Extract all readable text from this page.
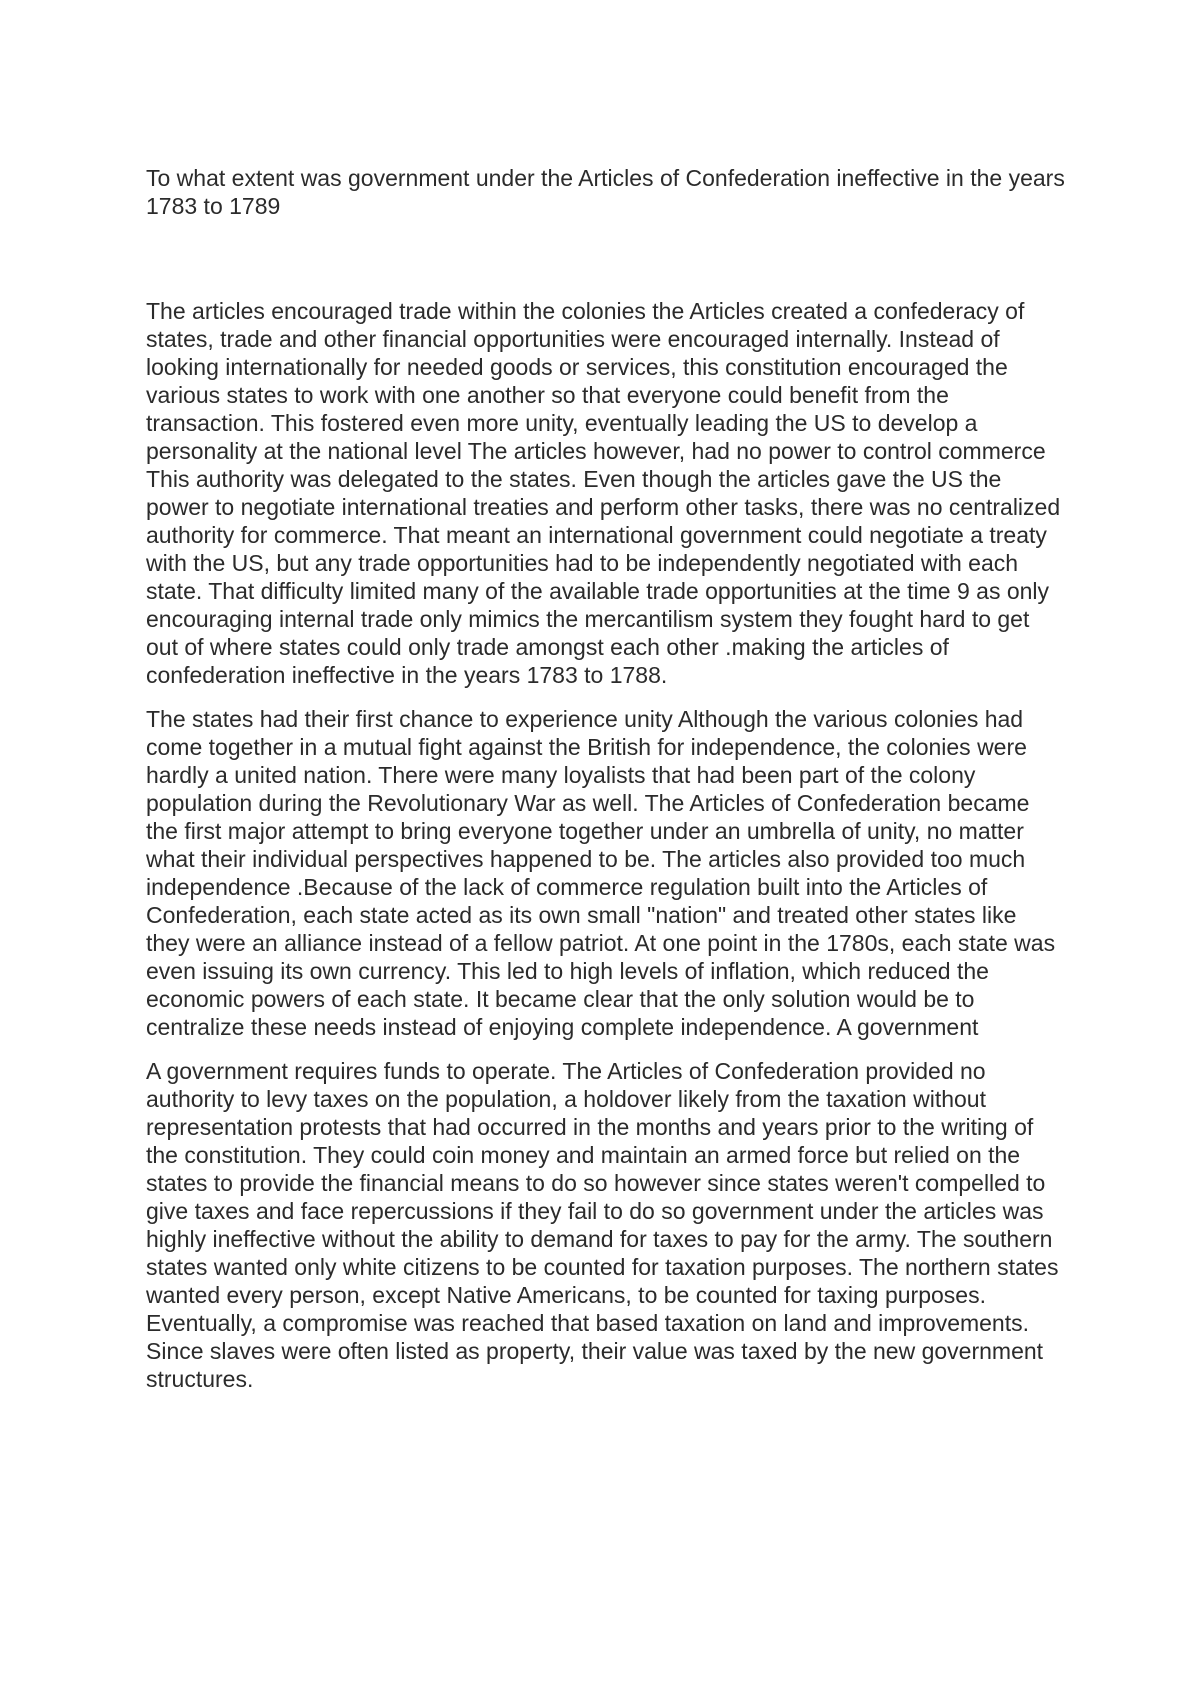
To what extent was government under the Articles of Confederation ineffective in the years 1783 to 1789

The articles encouraged trade within the colonies the Articles created a confederacy of states, trade and other financial opportunities were encouraged internally. Instead of looking internationally for needed goods or services, this constitution encouraged the various states to work with one another so that everyone could benefit from the transaction. This fostered even more unity, eventually leading the US to develop a personality at the national level The articles however, had no power to control commerce This authority was delegated to the states. Even though the articles gave the US the power to negotiate international treaties and perform other tasks, there was no centralized authority for commerce. That meant an international government could negotiate a treaty with the US, but any trade opportunities had to be independently negotiated with each state. That difficulty limited many of the available trade opportunities at the time 9 as only encouraging internal trade only mimics the mercantilism system they fought hard to get out of where states could only trade amongst each other .making the articles of confederation ineffective in the years 1783 to 1788.

The states had their first chance to experience unity Although the various colonies had come together in a mutual fight against the British for independence, the colonies were hardly a united nation. There were many loyalists that had been part of the colony population during the Revolutionary War as well. The Articles of Confederation became the first major attempt to bring everyone together under an umbrella of unity, no matter what their individual perspectives happened to be. The articles also provided too much independence .Because of the lack of commerce regulation built into the Articles of Confederation, each state acted as its own small "nation" and treated other states like they were an alliance instead of a fellow patriot. At one point in the 1780s, each state was even issuing its own currency. This led to high levels of inflation, which reduced the economic powers of each state. It became clear that the only solution would be to centralize these needs instead of enjoying complete independence. A government

A government requires funds to operate. The Articles of Confederation provided no authority to levy taxes on the population, a holdover likely from the taxation without representation protests that had occurred in the months and years prior to the writing of the constitution. They could coin money and maintain an armed force but relied on the states to provide the financial means to do so however since states weren't compelled to give taxes and face repercussions if they fail to do so government under the articles was highly ineffective without the ability to demand for taxes to pay for the army. The southern states wanted only white citizens to be counted for taxation purposes. The northern states wanted every person, except Native Americans, to be counted for taxing purposes. Eventually, a compromise was reached that based taxation on land and improvements. Since slaves were often listed as property, their value was taxed by the new government structures.
